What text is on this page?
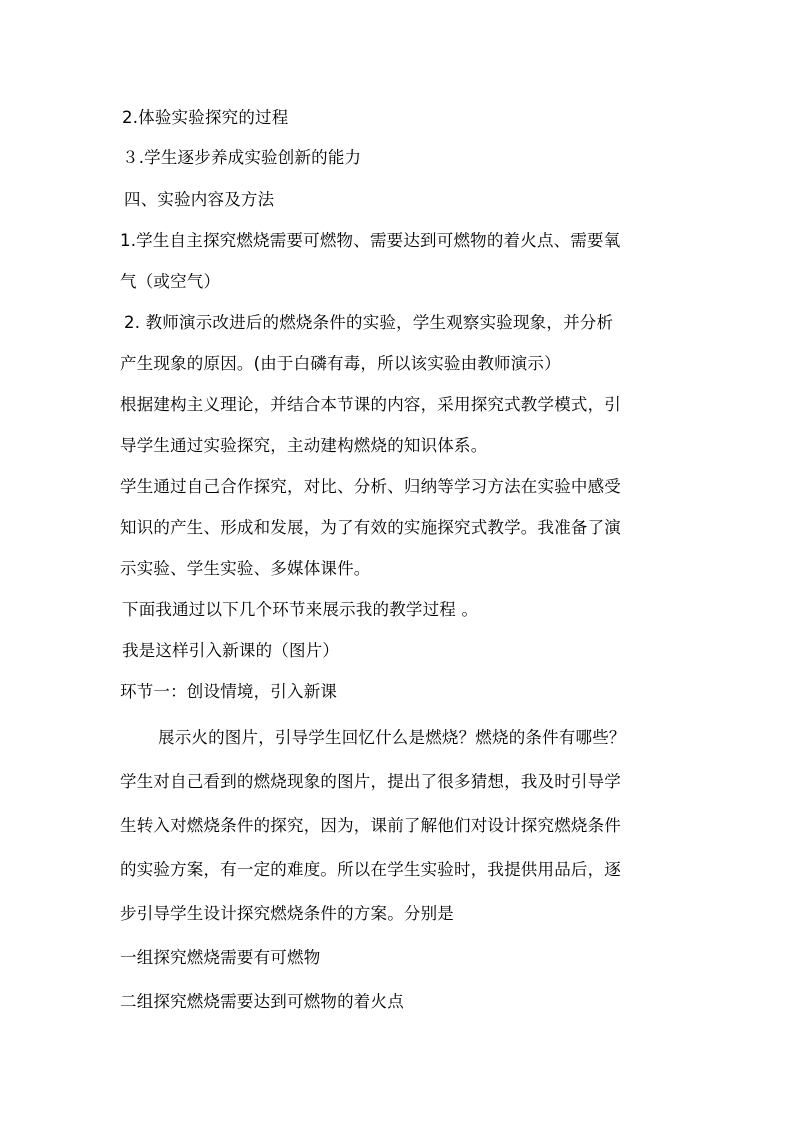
2.体验实验探究的过程
３.学生逐步养成实验创新的能力
四、实验内容及方法
1.学生自主探究燃烧需要可燃物、需要达到可燃物的着火点、需要氧
气（或空气）
2. 教师演示改进后的燃烧条件的实验，学生观察实验现象，并分析
产生现象的原因。(由于白磷有毒，所以该实验由教师演示）
根据建构主义理论，并结合本节课的内容，采用探究式教学模式，引
导学生通过实验探究，主动建构燃烧的知识体系。
学生通过自己合作探究，对比、分析、归纳等学习方法在实验中感受
知识的产生、形成和发展，为了有效的实施探究式教学。我准备了演
示实验、学生实验、多媒体课件。
下面我通过以下几个环节来展示我的教学过程 。
我是这样引入新课的（图片）
环节一：创设情境，引入新课
展示火的图片，引导学生回忆什么是燃烧？燃烧的条件有哪些？
学生对自己看到的燃烧现象的图片，提出了很多猜想，我及时引导学
生转入对燃烧条件的探究，因为，课前了解他们对设计探究燃烧条件
的实验方案，有一定的难度。所以在学生实验时，我提供用品后，逐
步引导学生设计探究燃烧条件的方案。分别是
一组探究燃烧需要有可燃物
二组探究燃烧需要达到可燃物的着火点
